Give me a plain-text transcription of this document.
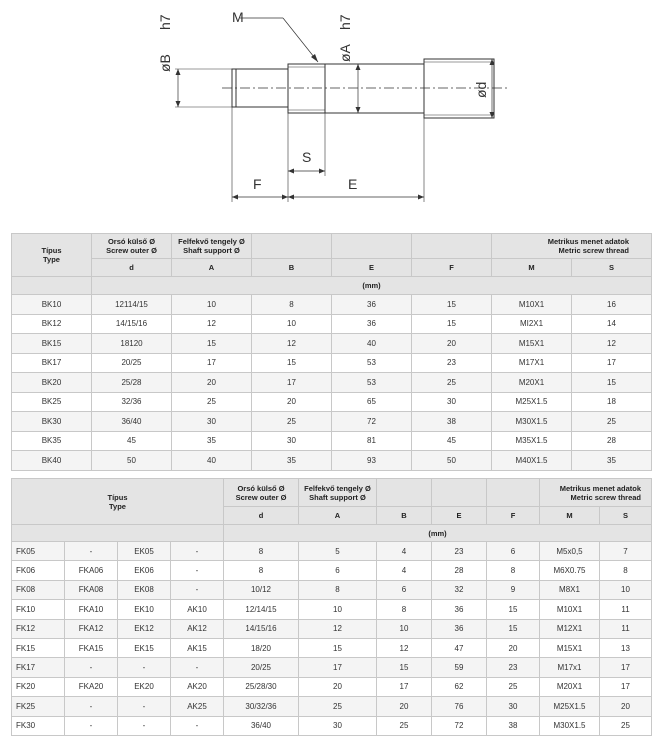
M
øB
h7
øA
h7
ød
S
F	E
Típus
Type	Orsó külső Ø
Screw outer Ø	Felfekvő tengely Ø
Shaft support Ø				Metrikus menet adatok
Metric screw thread	

	d	A	B	E	F	M	S
	(mm)						
BK10	12114/15	10	8	36	15	M10X1	16
BK12	14/15/16	12	10	36	15	MI2X1	14
BK15	18120	15	12	40	20	M15X1	12
BK17	20/25	17	15	53	23	M17X1	17
BK20	25/28	20	17	53	25	M20X1	15
BK25	32/36	25	20	65	30	M25X1.5	18
BK30	36/40	30	25	72	38	M30X1.5	25
BK35	45	35	30	81	45	M35X1.5	28
BK40	50	40	35	93	50	M40X1.5	35
Típus
Type				Orsó külső Ø
Screw outer Ø	Felfekvő tengely Ø
Shaft support Ø				Metrikus menet adatok
Metric screw thread	

				d	A	B	E	F	M	S
				(mm)						
FK05	-	EK05	-	8	5	4	23	6	M5x0,5	7
FK06	FKA06	EK06	-	8	6	4	28	8	M6X0.75	8
FK08	FKA08	EK08	-	10/12	8	6	32	9	M8X1	10
FK10	FKA10	EK10	AK10	12/14/15	10	8	36	15	M10X1	11
FK12	FKA12	EK12	AK12	14/15/16	12	10	36	15	M12X1	11
FK15	FKA15	EK15	AK15	18/20	15	12	47	20	M15X1	13
FK17	-	-	-	20/25	17	15	59	23	M17x1	17
FK20	FKA20	EK20	AK20	25/28/30	20	17	62	25	M20X1	17
FK25	-	-	AK25	30/32/36	25	20	76	30	M25X1.5	20
FK30	-	-	-	36/40	30	25	72	38	M30X1.5	25
